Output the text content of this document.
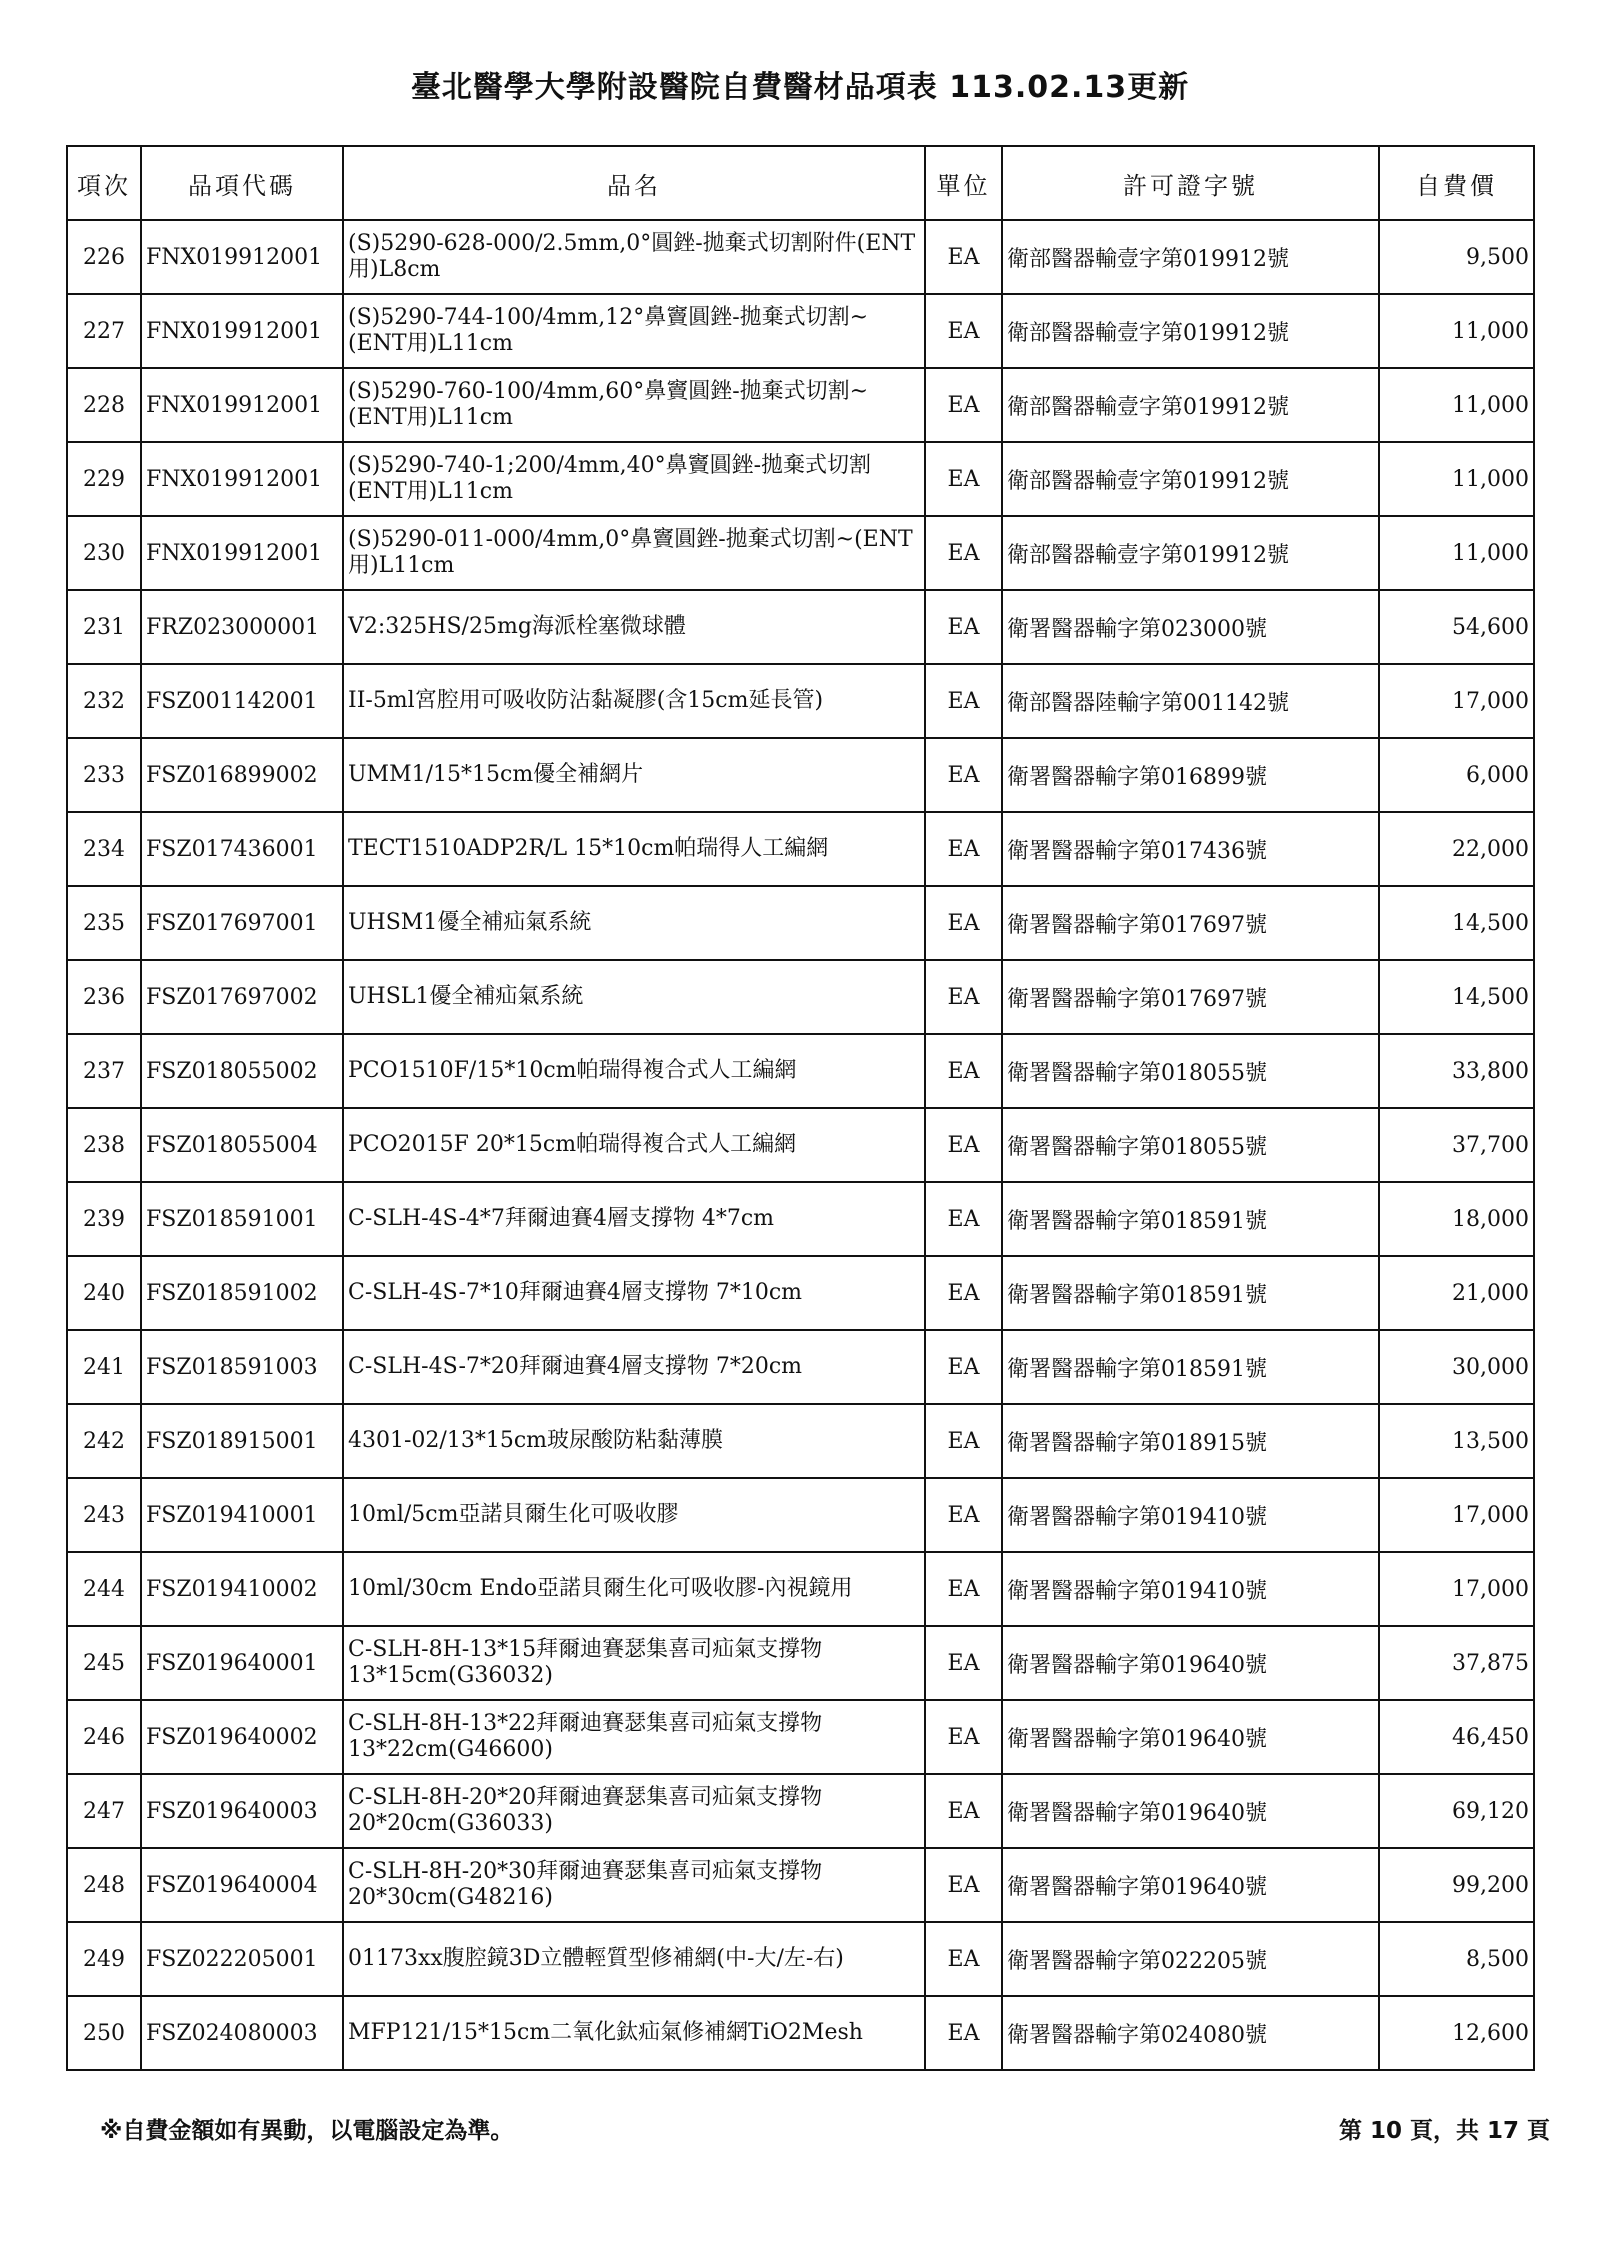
臺北醫學大學附設醫院自費醫材品項表 113.02.13更新
項次	品項代碼	品名	單位	許可證字號	自費價
226	FNX019912001	(S)5290-628-000/2.5mm,0°圓銼-拋棄式切割附件(ENT用)L8cm	EA	衛部醫器輸壹字第019912號	9,500
227	FNX019912001	(S)5290-744-100/4mm,12°鼻竇圓銼-拋棄式切割~(ENT用)L11cm	EA	衛部醫器輸壹字第019912號	11,000
228	FNX019912001	(S)5290-760-100/4mm,60°鼻竇圓銼-拋棄式切割~(ENT用)L11cm	EA	衛部醫器輸壹字第019912號	11,000
229	FNX019912001	(S)5290-740-1;200/4mm,40°鼻竇圓銼-拋棄式切割(ENT用)L11cm	EA	衛部醫器輸壹字第019912號	11,000
230	FNX019912001	(S)5290-011-000/4mm,0°鼻竇圓銼-拋棄式切割~(ENT用)L11cm	EA	衛部醫器輸壹字第019912號	11,000
231	FRZ023000001	V2:325HS/25mg海派栓塞微球體	EA	衛署醫器輸字第023000號	54,600
232	FSZ001142001	II-5ml宮腔用可吸收防沾黏凝膠(含15cm延長管)	EA	衛部醫器陸輸字第001142號	17,000
233	FSZ016899002	UMM1/15*15cm優全補網片	EA	衛署醫器輸字第016899號	6,000
234	FSZ017436001	TECT1510ADP2R/L 15*10cm帕瑞得人工編網	EA	衛署醫器輸字第017436號	22,000
235	FSZ017697001	UHSM1優全補疝氣系統	EA	衛署醫器輸字第017697號	14,500
236	FSZ017697002	UHSL1優全補疝氣系統	EA	衛署醫器輸字第017697號	14,500
237	FSZ018055002	PCO1510F/15*10cm帕瑞得複合式人工編網	EA	衛署醫器輸字第018055號	33,800
238	FSZ018055004	PCO2015F 20*15cm帕瑞得複合式人工編網	EA	衛署醫器輸字第018055號	37,700
239	FSZ018591001	C-SLH-4S-4*7拜爾迪賽4層支撐物 4*7cm	EA	衛署醫器輸字第018591號	18,000
240	FSZ018591002	C-SLH-4S-7*10拜爾迪賽4層支撐物 7*10cm	EA	衛署醫器輸字第018591號	21,000
241	FSZ018591003	C-SLH-4S-7*20拜爾迪賽4層支撐物 7*20cm	EA	衛署醫器輸字第018591號	30,000
242	FSZ018915001	4301-02/13*15cm玻尿酸防粘黏薄膜	EA	衛署醫器輸字第018915號	13,500
243	FSZ019410001	10ml/5cm亞諾貝爾生化可吸收膠	EA	衛署醫器輸字第019410號	17,000
244	FSZ019410002	10ml/30cm Endo亞諾貝爾生化可吸收膠-內視鏡用	EA	衛署醫器輸字第019410號	17,000
245	FSZ019640001	C-SLH-8H-13*15拜爾迪賽瑟集喜司疝氣支撐物13*15cm(G36032)	EA	衛署醫器輸字第019640號	37,875
246	FSZ019640002	C-SLH-8H-13*22拜爾迪賽瑟集喜司疝氣支撐物13*22cm(G46600)	EA	衛署醫器輸字第019640號	46,450
247	FSZ019640003	C-SLH-8H-20*20拜爾迪賽瑟集喜司疝氣支撐物20*20cm(G36033)	EA	衛署醫器輸字第019640號	69,120
248	FSZ019640004	C-SLH-8H-20*30拜爾迪賽瑟集喜司疝氣支撐物20*30cm(G48216)	EA	衛署醫器輸字第019640號	99,200
249	FSZ022205001	01173xx腹腔鏡3D立體輕質型修補網(中-大/左-右)	EA	衛署醫器輸字第022205號	8,500
250	FSZ024080003	MFP121/15*15cm二氧化鈦疝氣修補網TiO2Mesh	EA	衛署醫器輸字第024080號	12,600
※自費金額如有異動，以電腦設定為準。	第 10 頁，共 17 頁
